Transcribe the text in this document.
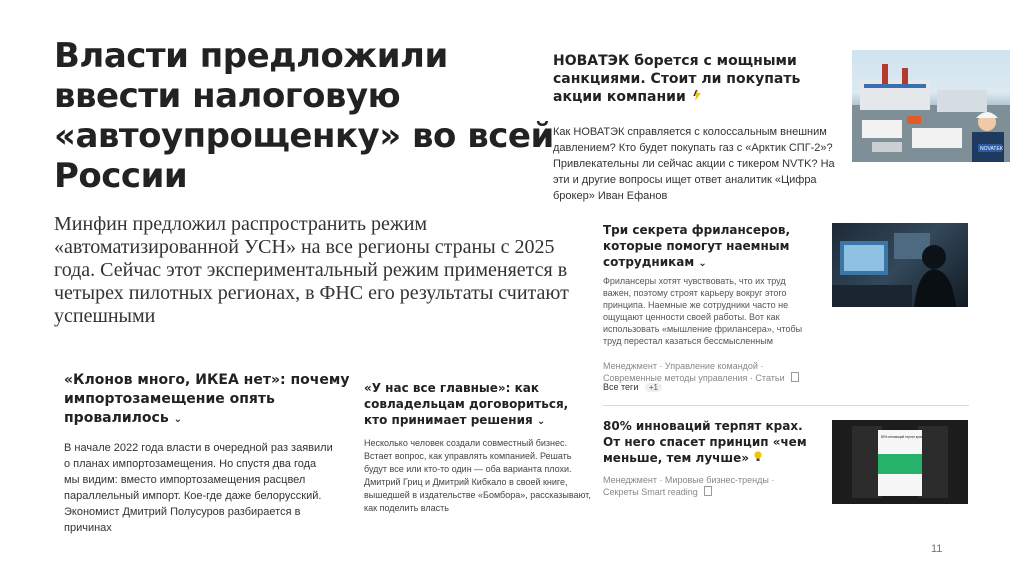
Власти предложили ввести налоговую «автоупрощенку» во всей России
Минфин предложил распространить режим «автоматизированной УСН» на все регионы страны с 2025 года. Сейчас этот экспериментальный режим применяется в четырех пилотных регионах, в ФНС его результаты считают успешными
НОВАТЭК борется с мощными санкциями. Стоит ли покупать акции компании
Как НОВАТЭК справляется с колоссальным внешним давлением? Кто будет покупать газ с «Арктик СПГ-2»? Привлекательны ли сейчас акции с тикером NVTK? На эти и другие вопросы ищет ответ аналитик «Цифра брокер» Иван Ефанов
NOVATEK
Три секрета фрилансеров, которые помогут наемным сотрудникам ⌄
Фрилансеры хотят чувствовать, что их труд важен, поэтому строят карьеру вокруг этого принципа. Наемные же сотрудники часто не ощущают ценности своей работы. Вот как использовать «мышление фрилансера», чтобы труд перестал казаться бессмысленным
Менеджмент · Управление командой · Современные методы управления · Статьи
Все теги +1
80% инноваций терпят крах. От него спасет принцип «чем меньше, тем лучше»
Менеджмент · Мировые бизнес-тренды · Секреты Smart reading
80% инноваций терпят крах
«Клонов много, ИКЕА нет»: почему импортозамещение опять провалилось ⌄
В начале 2022 года власти в очередной раз заявили о планах импортозамещения. Но спустя два года мы видим: вместо импортозамещения расцвел параллельный импорт. Кое-где даже белорусский. Экономист Дмитрий Полусуров разбирается в причинах
«У нас все главные»: как совладельцам договориться, кто принимает решения ⌄
Несколько человек создали совместный бизнес. Встает вопрос, как управлять компанией. Решать будут все или кто-то один — оба варианта плохи. Дмитрий Гриц и Дмитрий Кибкало в своей книге, вышедшей в издательстве «Бомбора», рассказывают, как поделить власть
11
